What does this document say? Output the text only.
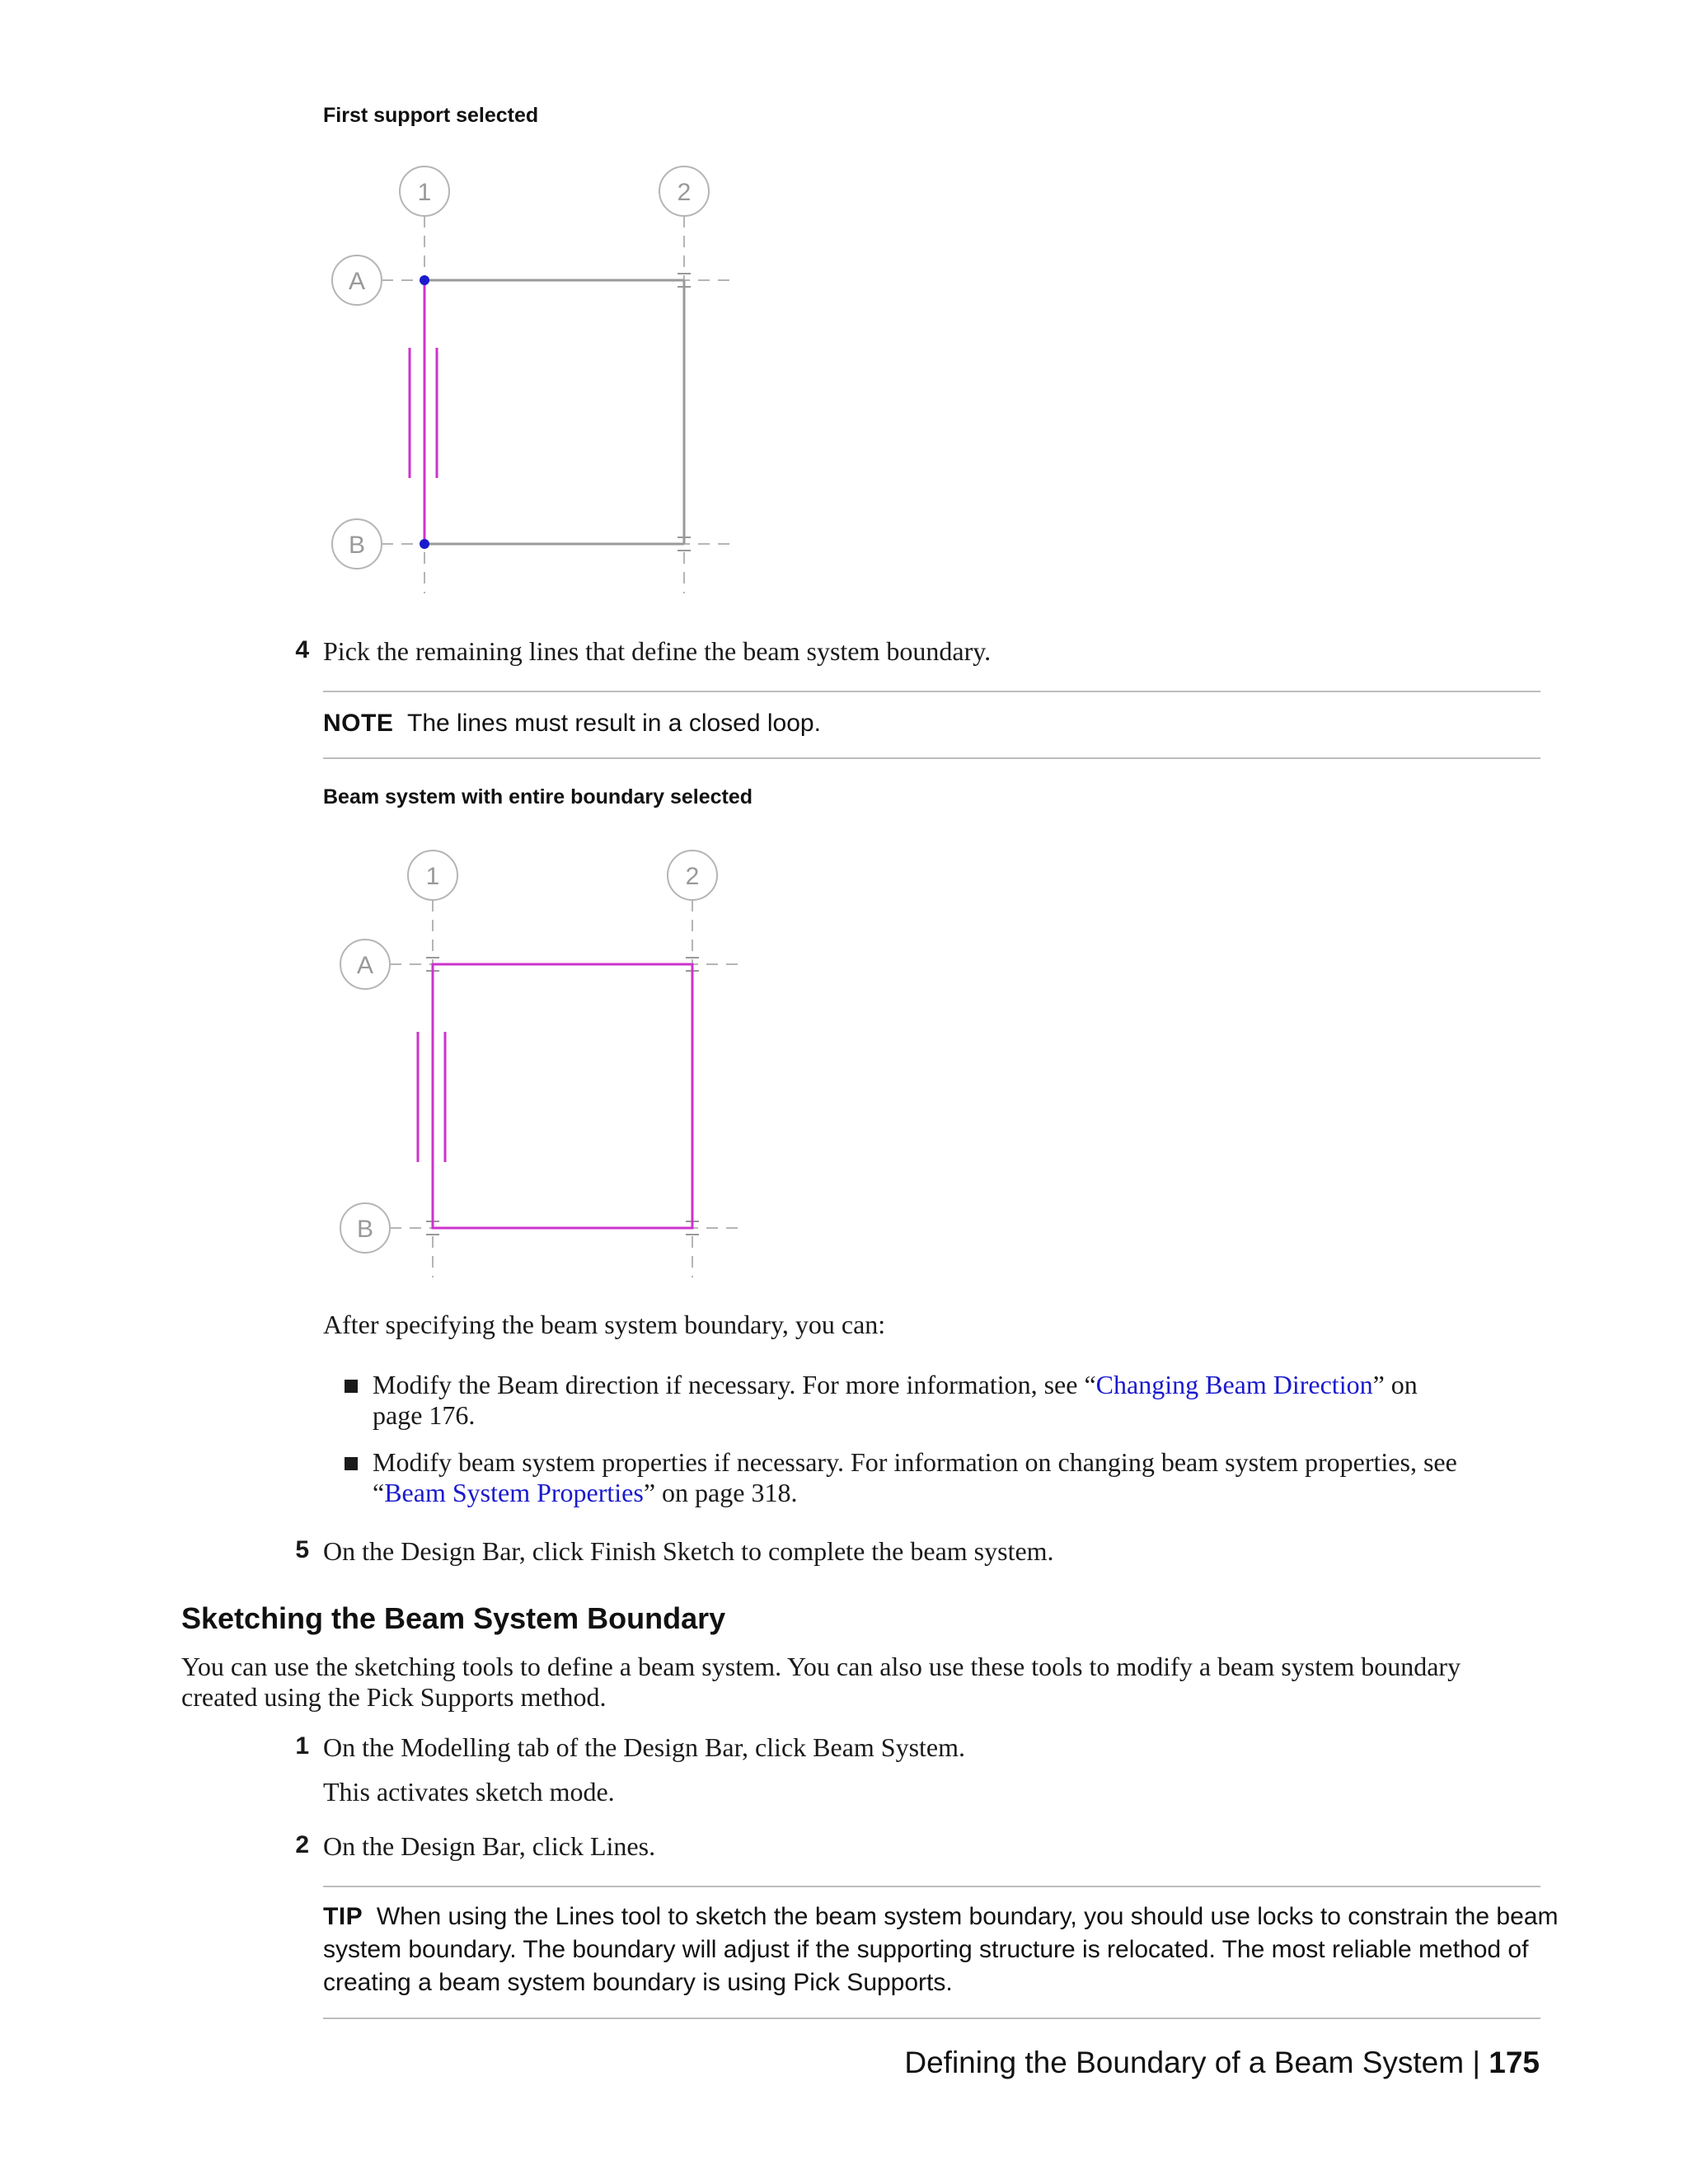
First support selected
1	2
A
B
4 Pick the remaining lines that define the beam system boundary.
NOTE The lines must result in a closed loop.
Beam system with entire boundary selected
1	2
A
B
After specifying the beam system boundary, you can:
Modify the Beam direction if necessary. For more information, see “Changing Beam Direction” on
page 176.
Modify beam system properties if necessary. For information on changing beam system properties, see
“Beam System Properties” on page 318.
5 On the Design Bar, click Finish Sketch to complete the beam system.
Sketching the Beam System Boundary
You can use the sketching tools to define a beam system. You can also use these tools to modify a beam system boundary
created using the Pick Supports method.
1 On the Modelling tab of the Design Bar, click Beam System.
This activates sketch mode.
2 On the Design Bar, click Lines.
TIP When using the Lines tool to sketch the beam system boundary, you should use locks to constrain the beam
system boundary. The boundary will adjust if the supporting structure is relocated. The most reliable method of
creating a beam system boundary is using Pick Supports.
Defining the Boundary of a Beam System | 175
